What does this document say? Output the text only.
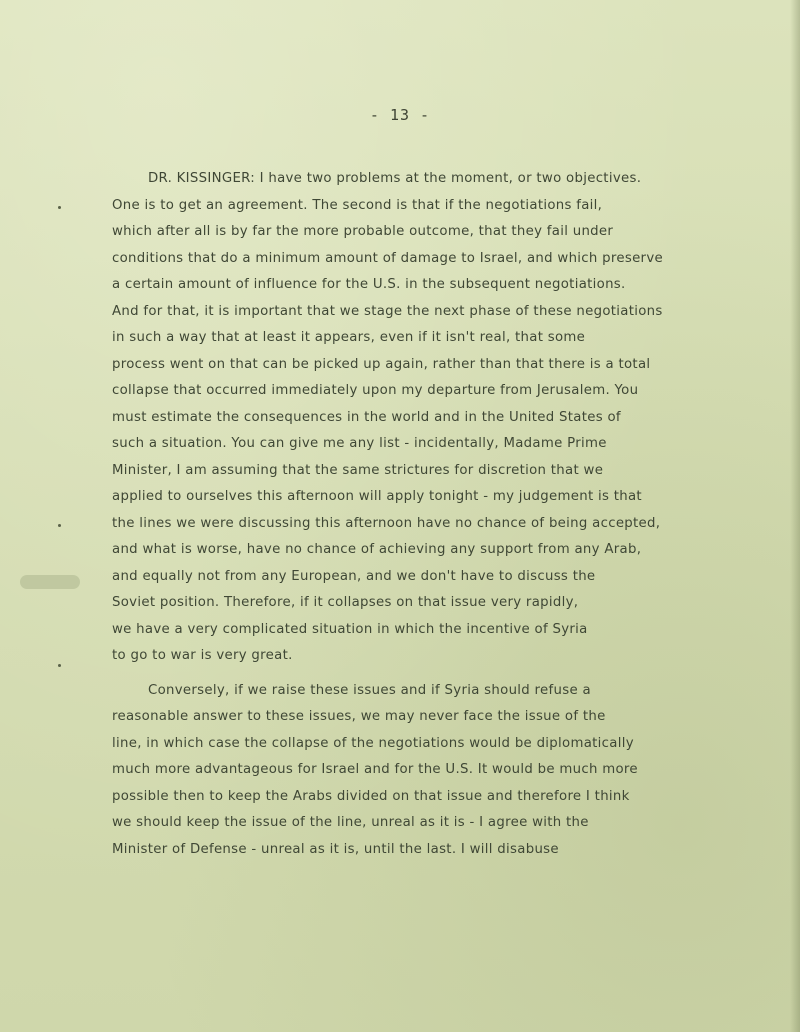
- 13 -
DR. KISSINGER: I have two problems at the moment, or two objectives.
One is to get an agreement. The second is that if the negotiations fail,
which after all is by far the more probable outcome, that they fail under
conditions that do a minimum amount of damage to Israel, and which preserve
a certain amount of influence for the U.S. in the subsequent negotiations.
And for that, it is important that we stage the next phase of these negotiations
in such a way that at least it appears, even if it isn't real, that some
process went on that can be picked up again, rather than that there is a total
collapse that occurred immediately upon my departure from Jerusalem. You
must estimate the consequences in the world and in the United States of
such a situation. You can give me any list - incidentally, Madame Prime
Minister, I am assuming that the same strictures for discretion that we
applied to ourselves this afternoon will apply tonight - my judgement is that
the lines we were discussing this afternoon have no chance of being accepted,
and what is worse, have no chance of achieving any support from any Arab,
and equally not from any European, and we don't have to discuss the
Soviet position. Therefore, if it collapses on that issue very rapidly,
we have a very complicated situation in which the incentive of Syria
to go to war is very great.
Conversely, if we raise these issues and if Syria should refuse a
reasonable answer to these issues, we may never face the issue of the
line, in which case the collapse of the negotiations would be diplomatically
much more advantageous for Israel and for the U.S. It would be much more
possible then to keep the Arabs divided on that issue and therefore I think
we should keep the issue of the line, unreal as it is - I agree with the
Minister of Defense - unreal as it is, until the last. I will disabuse
